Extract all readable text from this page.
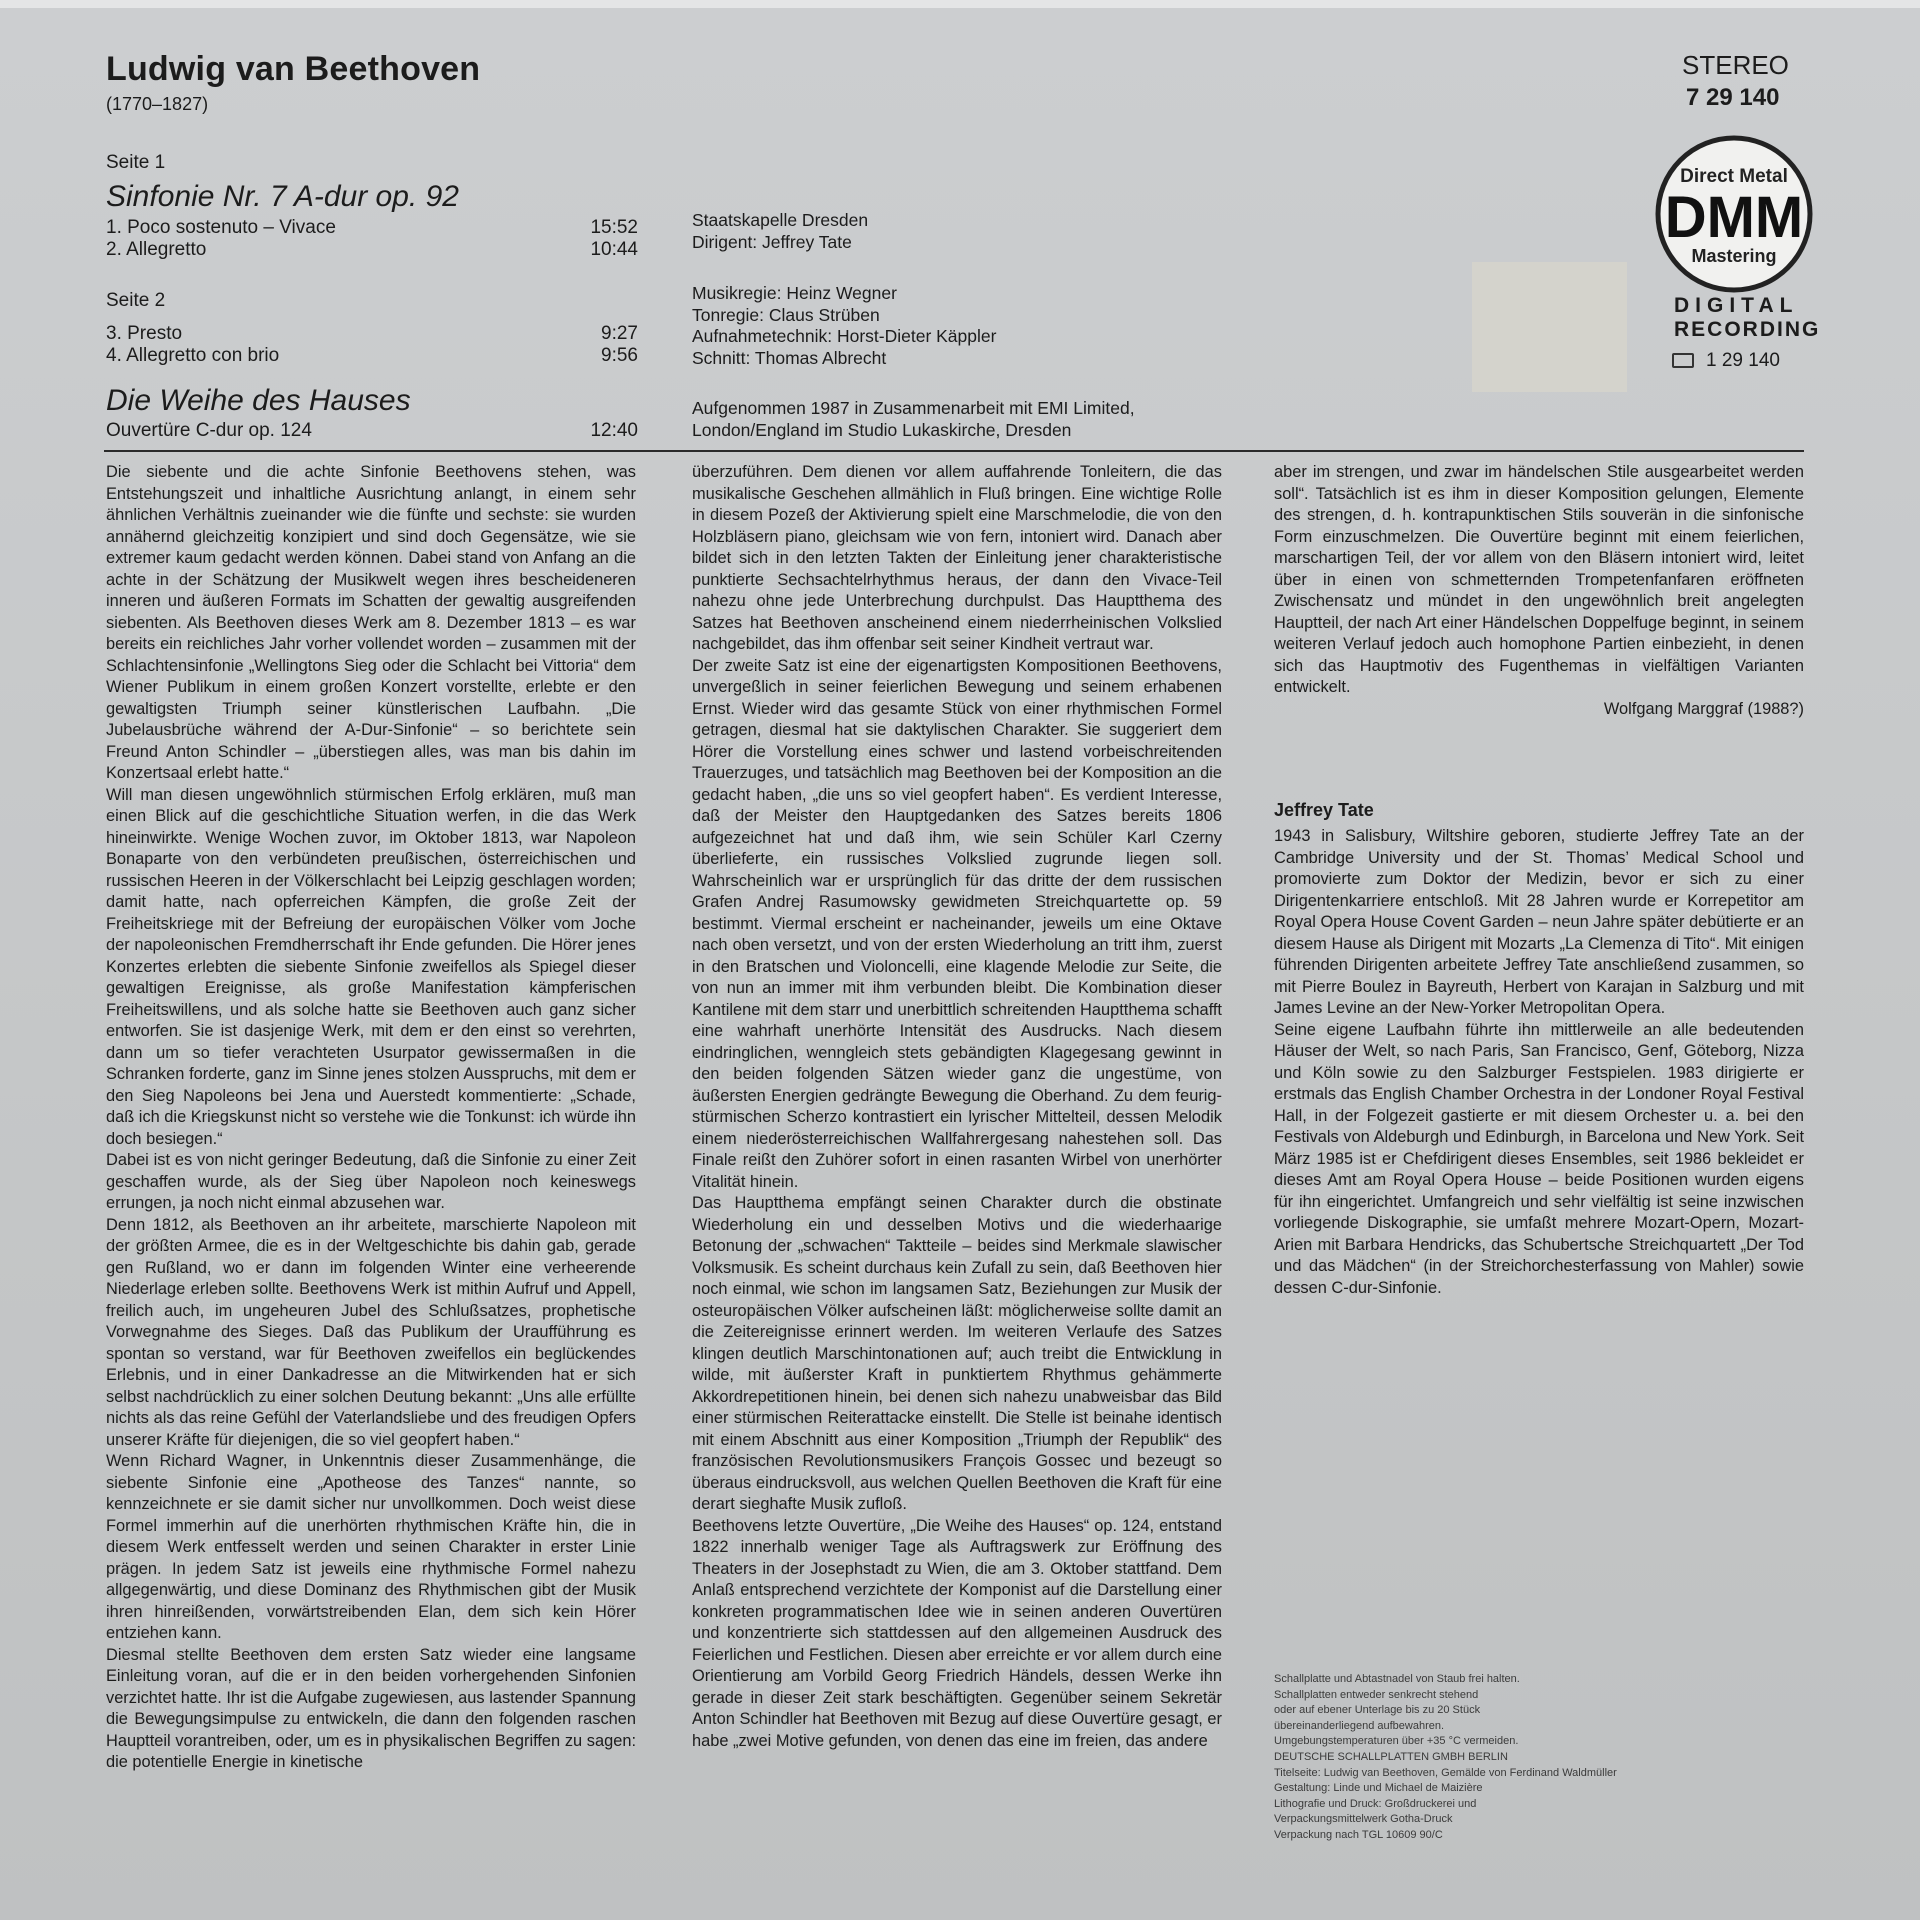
Ludwig van Beethoven
(1770–1827)
Seite 1
Sinfonie Nr. 7 A-dur op. 92
1. Poco sostenuto – Vivace	15:52
2. Allegretto	10:44
Seite 2
3. Presto	9:27
4. Allegretto con brio	9:56
Die Weihe des Hauses
Ouvertüre C-dur op. 124	12:40
Staatskapelle Dresden
Dirigent: Jeffrey Tate
Musikregie: Heinz Wegner
Tonregie: Claus Strüben
Aufnahmetechnik: Horst-Dieter Käppler
Schnitt: Thomas Albrecht
Aufgenommen 1987 in Zusammenarbeit mit EMI Limited,
London/England im Studio Lukaskirche, Dresden
STEREO
7 29 140
Direct Metal
DMM
Mastering
DIGITAL
RECORDING
1 29 140

Die siebente und die achte Sinfonie Beethovens stehen, was Entstehungszeit und inhaltliche Ausrichtung anlangt, in einem sehr ähnlichen Verhältnis zueinander wie die fünfte und sechste: sie wurden annähernd gleichzeitig konzipiert und sind doch Gegensätze, wie sie extremer kaum gedacht werden können. Dabei stand von Anfang an die achte in der Schätzung der Musikwelt wegen ihres bescheideneren inneren und äußeren Formats im Schatten der gewaltig ausgreifenden siebenten. Als Beethoven dieses Werk am 8. Dezember 1813 – es war bereits ein reichliches Jahr vorher vollendet worden – zusammen mit der Schlachtensinfonie „Wellingtons Sieg oder die Schlacht bei Vittoria“ dem Wiener Publikum in einem großen Konzert vorstellte, erlebte er den gewaltigsten Triumph seiner künstlerischen Laufbahn. „Die Jubelausbrüche während der A-Dur-Sinfonie“ – so berichtete sein Freund Anton Schindler – „überstiegen alles, was man bis dahin im Konzertsaal erlebt hatte.“

Will man diesen ungewöhnlich stürmischen Erfolg erklären, muß man einen Blick auf die geschichtliche Situation werfen, in die das Werk hineinwirkte. Wenige Wochen zuvor, im Oktober 1813, war Napoleon Bonaparte von den verbündeten preußischen, österreichischen und russischen Heeren in der Völkerschlacht bei Leipzig geschlagen worden; damit hatte, nach opferreichen Kämpfen, die große Zeit der Freiheitskriege mit der Befreiung der europäischen Völker vom Joche der napoleonischen Fremdherrschaft ihr Ende gefunden. Die Hörer jenes Konzertes erlebten die siebente Sinfonie zweifellos als Spiegel dieser gewaltigen Ereignisse, als große Manifestation kämpferischen Freiheitswillens, und als solche hatte sie Beethoven auch ganz sicher entworfen. Sie ist dasjenige Werk, mit dem er den einst so verehrten, dann um so tiefer verachteten Usurpator gewissermaßen in die Schranken forderte, ganz im Sinne jenes stolzen Ausspruchs, mit dem er den Sieg Napoleons bei Jena und Auerstedt kommentierte: „Schade, daß ich die Kriegskunst nicht so verstehe wie die Tonkunst: ich würde ihn doch besiegen.“

Dabei ist es von nicht geringer Bedeutung, daß die Sinfonie zu einer Zeit geschaffen wurde, als der Sieg über Napoleon noch keineswegs errungen, ja noch nicht einmal abzusehen war.

Denn 1812, als Beethoven an ihr arbeitete, marschierte Napoleon mit der größten Armee, die es in der Weltgeschichte bis dahin gab, gerade gen Rußland, wo er dann im folgenden Winter eine verheerende Niederlage erleben sollte. Beethovens Werk ist mithin Aufruf und Appell, freilich auch, im ungeheuren Jubel des Schlußsatzes, prophetische Vorwegnahme des Sieges. Daß das Publikum der Uraufführung es spontan so verstand, war für Beethoven zweifellos ein beglückendes Erlebnis, und in einer Dankadresse an die Mitwirkenden hat er sich selbst nachdrücklich zu einer solchen Deutung bekannt: „Uns alle erfüllte nichts als das reine Gefühl der Vaterlandsliebe und des freudigen Opfers unserer Kräfte für diejenigen, die so viel geopfert haben.“

Wenn Richard Wagner, in Unkenntnis dieser Zusammenhänge, die siebente Sinfonie eine „Apotheose des Tanzes“ nannte, so kennzeichnete er sie damit sicher nur unvollkommen. Doch weist diese Formel immerhin auf die unerhörten rhythmischen Kräfte hin, die in diesem Werk entfesselt werden und seinen Charakter in erster Linie prägen. In jedem Satz ist jeweils eine rhythmische Formel nahezu allgegenwärtig, und diese Dominanz des Rhythmischen gibt der Musik ihren hinreißenden, vorwärtstreibenden Elan, dem sich kein Hörer entziehen kann.

Diesmal stellte Beethoven dem ersten Satz wieder eine langsame Einleitung voran, auf die er in den beiden vorhergehenden Sinfonien verzichtet hatte. Ihr ist die Aufgabe zugewiesen, aus lastender Spannung die Bewegungsimpulse zu entwickeln, die dann den folgenden raschen Hauptteil vorantreiben, oder, um es in physikalischen Begriffen zu sagen: die potentielle Energie in kinetische

überzuführen. Dem dienen vor allem auffahrende Tonleitern, die das musikalische Geschehen allmählich in Fluß bringen. Eine wichtige Rolle in diesem Pozeß der Aktivierung spielt eine Marschmelodie, die von den Holzbläsern piano, gleichsam wie von fern, intoniert wird. Danach aber bildet sich in den letzten Takten der Einleitung jener charakteristische punktierte Sechsachtelrhythmus heraus, der dann den Vivace-Teil nahezu ohne jede Unterbrechung durchpulst. Das Hauptthema des Satzes hat Beethoven anscheinend einem niederrheinischen Volkslied nachgebildet, das ihm offenbar seit seiner Kindheit vertraut war.

Der zweite Satz ist eine der eigenartigsten Kompositionen Beethovens, unvergeßlich in seiner feierlichen Bewegung und seinem erhabenen Ernst. Wieder wird das gesamte Stück von einer rhythmischen Formel getragen, diesmal hat sie daktylischen Charakter. Sie suggeriert dem Hörer die Vorstellung eines schwer und lastend vorbeischreitenden Trauerzuges, und tatsächlich mag Beethoven bei der Komposition an die gedacht haben, „die uns so viel geopfert haben“. Es verdient Interesse, daß der Meister den Hauptgedanken des Satzes bereits 1806 aufgezeichnet hat und daß ihm, wie sein Schüler Karl Czerny überlieferte, ein russisches Volkslied zugrunde liegen soll. Wahrscheinlich war er ursprünglich für das dritte der dem russischen Grafen Andrej Rasumowsky gewidmeten Streichquartette op. 59 bestimmt. Viermal erscheint er nacheinander, jeweils um eine Oktave nach oben versetzt, und von der ersten Wiederholung an tritt ihm, zuerst in den Bratschen und Violoncelli, eine klagende Melodie zur Seite, die von nun an immer mit ihm verbunden bleibt. Die Kombination dieser Kantilene mit dem starr und unerbittlich schreitenden Hauptthema schafft eine wahrhaft unerhörte Intensität des Ausdrucks. Nach diesem eindringlichen, wenngleich stets gebändigten Klagegesang gewinnt in den beiden folgenden Sätzen wieder ganz die ungestüme, von äußersten Energien gedrängte Bewegung die Oberhand. Zu dem feurig-stürmischen Scherzo kontrastiert ein lyrischer Mittelteil, dessen Melodik einem niederösterreichischen Wallfahrergesang nahestehen soll. Das Finale reißt den Zuhörer sofort in einen rasanten Wirbel von unerhörter Vitalität hinein.

Das Hauptthema empfängt seinen Charakter durch die obstinate Wiederholung ein und desselben Motivs und die wiederhaarige Betonung der „schwachen“ Taktteile – beides sind Merkmale slawischer Volksmusik. Es scheint durchaus kein Zufall zu sein, daß Beethoven hier noch einmal, wie schon im langsamen Satz, Beziehungen zur Musik der osteuropäischen Völker aufscheinen läßt: möglicherweise sollte damit an die Zeitereignisse erinnert werden. Im weiteren Verlaufe des Satzes klingen deutlich Marschintonationen auf; auch treibt die Entwicklung in wilde, mit äußerster Kraft in punktiertem Rhythmus gehämmerte Akkordrepetitionen hinein, bei denen sich nahezu unabweisbar das Bild einer stürmischen Reiterattacke einstellt. Die Stelle ist beinahe identisch mit einem Abschnitt aus einer Komposition „Triumph der Republik“ des französischen Revolutionsmusikers François Gossec und bezeugt so überaus eindrucksvoll, aus welchen Quellen Beethoven die Kraft für eine derart sieghafte Musik zufloß.

Beethovens letzte Ouvertüre, „Die Weihe des Hauses“ op. 124, entstand 1822 innerhalb weniger Tage als Auftragswerk zur Eröffnung des Theaters in der Josephstadt zu Wien, die am 3. Oktober stattfand. Dem Anlaß entsprechend verzichtete der Komponist auf die Darstellung einer konkreten programmatischen Idee wie in seinen anderen Ouvertüren und konzentrierte sich stattdessen auf den allgemeinen Ausdruck des Feierlichen und Festlichen. Diesen aber erreichte er vor allem durch eine Orientierung am Vorbild Georg Friedrich Händels, dessen Werke ihn gerade in dieser Zeit stark beschäftigten. Gegenüber seinem Sekretär Anton Schindler hat Beethoven mit Bezug auf diese Ouvertüre gesagt, er habe „zwei Motive gefunden, von denen das eine im freien, das andere

aber im strengen, und zwar im händelschen Stile ausgearbeitet werden soll“. Tatsächlich ist es ihm in dieser Komposition gelungen, Elemente des strengen, d. h. kontrapunktischen Stils souverän in die sinfonische Form einzuschmelzen. Die Ouvertüre beginnt mit einem feierlichen, marschartigen Teil, der vor allem von den Bläsern intoniert wird, leitet über in einen von schmetternden Trompetenfanfaren eröffneten Zwischensatz und mündet in den ungewöhnlich breit angelegten Hauptteil, der nach Art einer Händelschen Doppelfuge beginnt, in seinem weiteren Verlauf jedoch auch homophone Partien einbezieht, in denen sich das Hauptmotiv des Fugenthemas in vielfältigen Varianten entwickelt.

Wolfgang Marggraf (1988?)

Jeffrey Tate

1943 in Salisbury, Wiltshire geboren, studierte Jeffrey Tate an der Cambridge University und der St. Thomas’ Medical School und promovierte zum Doktor der Medizin, bevor er sich zu einer Dirigentenkarriere entschloß. Mit 28 Jahren wurde er Korrepetitor am Royal Opera House Covent Garden – neun Jahre später debütierte er an diesem Hause als Dirigent mit Mozarts „La Clemenza di Tito“. Mit einigen führenden Dirigenten arbeitete Jeffrey Tate anschließend zusammen, so mit Pierre Boulez in Bayreuth, Herbert von Karajan in Salzburg und mit James Levine an der New-Yorker Metropolitan Opera.

Seine eigene Laufbahn führte ihn mittlerweile an alle bedeutenden Häuser der Welt, so nach Paris, San Francisco, Genf, Göteborg, Nizza und Köln sowie zu den Salzburger Festspielen. 1983 dirigierte er erstmals das English Chamber Orchestra in der Londoner Royal Festival Hall, in der Folgezeit gastierte er mit diesem Orchester u. a. bei den Festivals von Aldeburgh und Edinburgh, in Barcelona und New York. Seit März 1985 ist er Chefdirigent dieses Ensembles, seit 1986 bekleidet er dieses Amt am Royal Opera House – beide Positionen wurden eigens für ihn eingerichtet. Umfangreich und sehr vielfältig ist seine inzwischen vorliegende Diskographie, sie umfaßt mehrere Mozart-Opern, Mozart-Arien mit Barbara Hendricks, das Schubertsche Streichquartett „Der Tod und das Mädchen“ (in der Streichorchesterfassung von Mahler) sowie dessen C-dur-Sinfonie.

Schallplatte und Abtastnadel von Staub frei halten.
Schallplatten entweder senkrecht stehend
oder auf ebener Unterlage bis zu 20 Stück
übereinanderliegend aufbewahren.
Umgebungstemperaturen über +35 °C vermeiden.
DEUTSCHE SCHALLPLATTEN GMBH BERLIN
Titelseite: Ludwig van Beethoven, Gemälde von Ferdinand Waldmüller
Gestaltung: Linde und Michael de Maizière
Lithografie und Druck: Großdruckerei und
Verpackungsmittelwerk Gotha-Druck
Verpackung nach TGL 10609 90/C
